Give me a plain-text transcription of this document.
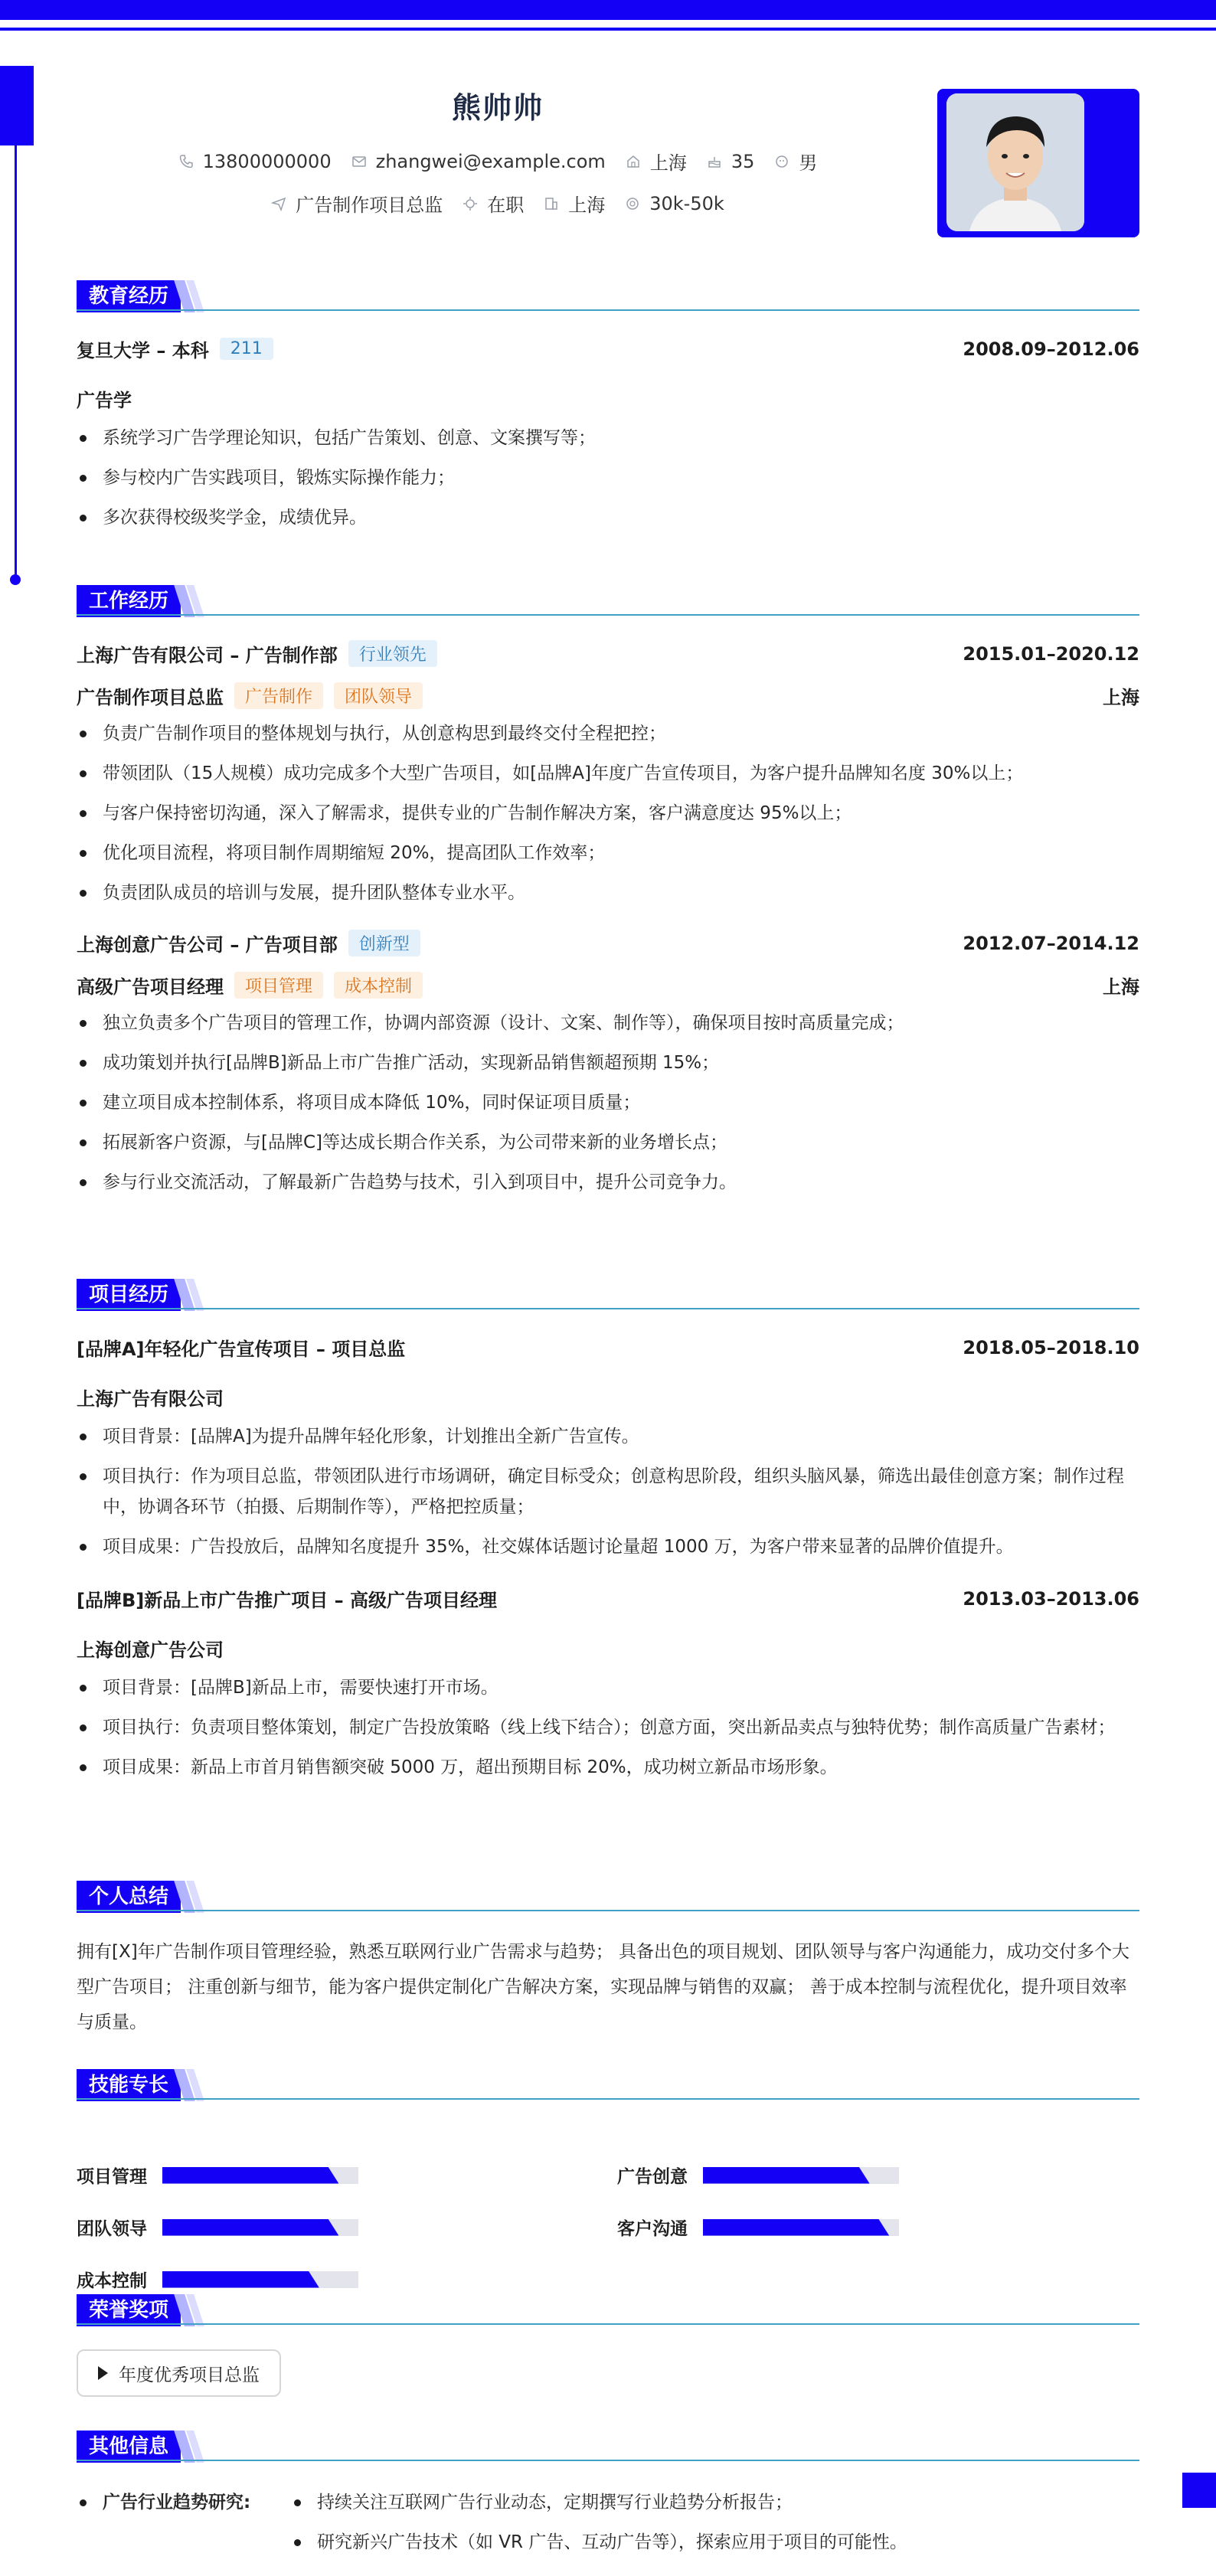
熊帅帅
13800000000 zhangwei@example.com 上海 35 男
广告制作项目总监 在职 上海 30k-50k
教育经历
复旦大学 – 本科	211	2008.09–2012.06
广告学
系统学习广告学理论知识，包括广告策划、创意、文案撰写等；
参与校内广告实践项目，锻炼实际操作能力；
多次获得校级奖学金，成绩优异。
工作经历
上海广告有限公司 – 广告制作部	行业领先	2015.01–2020.12
广告制作项目总监	广告制作	团队领导	上海
负责广告制作项目的整体规划与执行，从创意构思到最终交付全程把控；
带领团队（15人规模）成功完成多个大型广告项目，如[品牌A]年度广告宣传项目，为客户提升品牌知名度 30%以上；
与客户保持密切沟通，深入了解需求，提供专业的广告制作解决方案，客户满意度达 95%以上；
优化项目流程，将项目制作周期缩短 20%，提高团队工作效率；
负责团队成员的培训与发展，提升团队整体专业水平。
上海创意广告公司 – 广告项目部	创新型	2012.07–2014.12
高级广告项目经理	项目管理	成本控制	上海
独立负责多个广告项目的管理工作，协调内部资源（设计、文案、制作等），确保项目按时高质量完成；
成功策划并执行[品牌B]新品上市广告推广活动，实现新品销售额超预期 15%；
建立项目成本控制体系，将项目成本降低 10%，同时保证项目质量；
拓展新客户资源，与[品牌C]等达成长期合作关系，为公司带来新的业务增长点；
参与行业交流活动，了解最新广告趋势与技术，引入到项目中，提升公司竞争力。
项目经历
[品牌A]年轻化广告宣传项目 – 项目总监	2018.05–2018.10
上海广告有限公司
项目背景：[品牌A]为提升品牌年轻化形象，计划推出全新广告宣传。
项目执行：作为项目总监，带领团队进行市场调研，确定目标受众；创意构思阶段，组织头脑风暴，筛选出最佳创意方案；制作过程中，协调各环节（拍摄、后期制作等），严格把控质量；
项目成果：广告投放后，品牌知名度提升 35%，社交媒体话题讨论量超 1000 万，为客户带来显著的品牌价值提升。
[品牌B]新品上市广告推广项目 – 高级广告项目经理	2013.03–2013.06
上海创意广告公司
项目背景：[品牌B]新品上市，需要快速打开市场。
项目执行：负责项目整体策划，制定广告投放策略（线上线下结合）；创意方面，突出新品卖点与独特优势；制作高质量广告素材；
项目成果：新品上市首月销售额突破 5000 万，超出预期目标 20%，成功树立新品市场形象。
个人总结
拥有[X]年广告制作项目管理经验，熟悉互联网行业广告需求与趋势； 具备出色的项目规划、团队领导与客户沟通能力，成功交付多个大型广告项目； 注重创新与细节，能为客户提供定制化广告解决方案，实现品牌与销售的双赢； 善于成本控制与流程优化，提升项目效率与质量。
技能专长
项目管理	广告创意
团队领导	客户沟通
成本控制
荣誉奖项
年度优秀项目总监
其他信息
广告行业趋势研究:	持续关注互联网广告行业动态，定期撰写行业趋势分析报告；
研究新兴广告技术（如 VR 广告、互动广告等），探索应用于项目的可能性。
